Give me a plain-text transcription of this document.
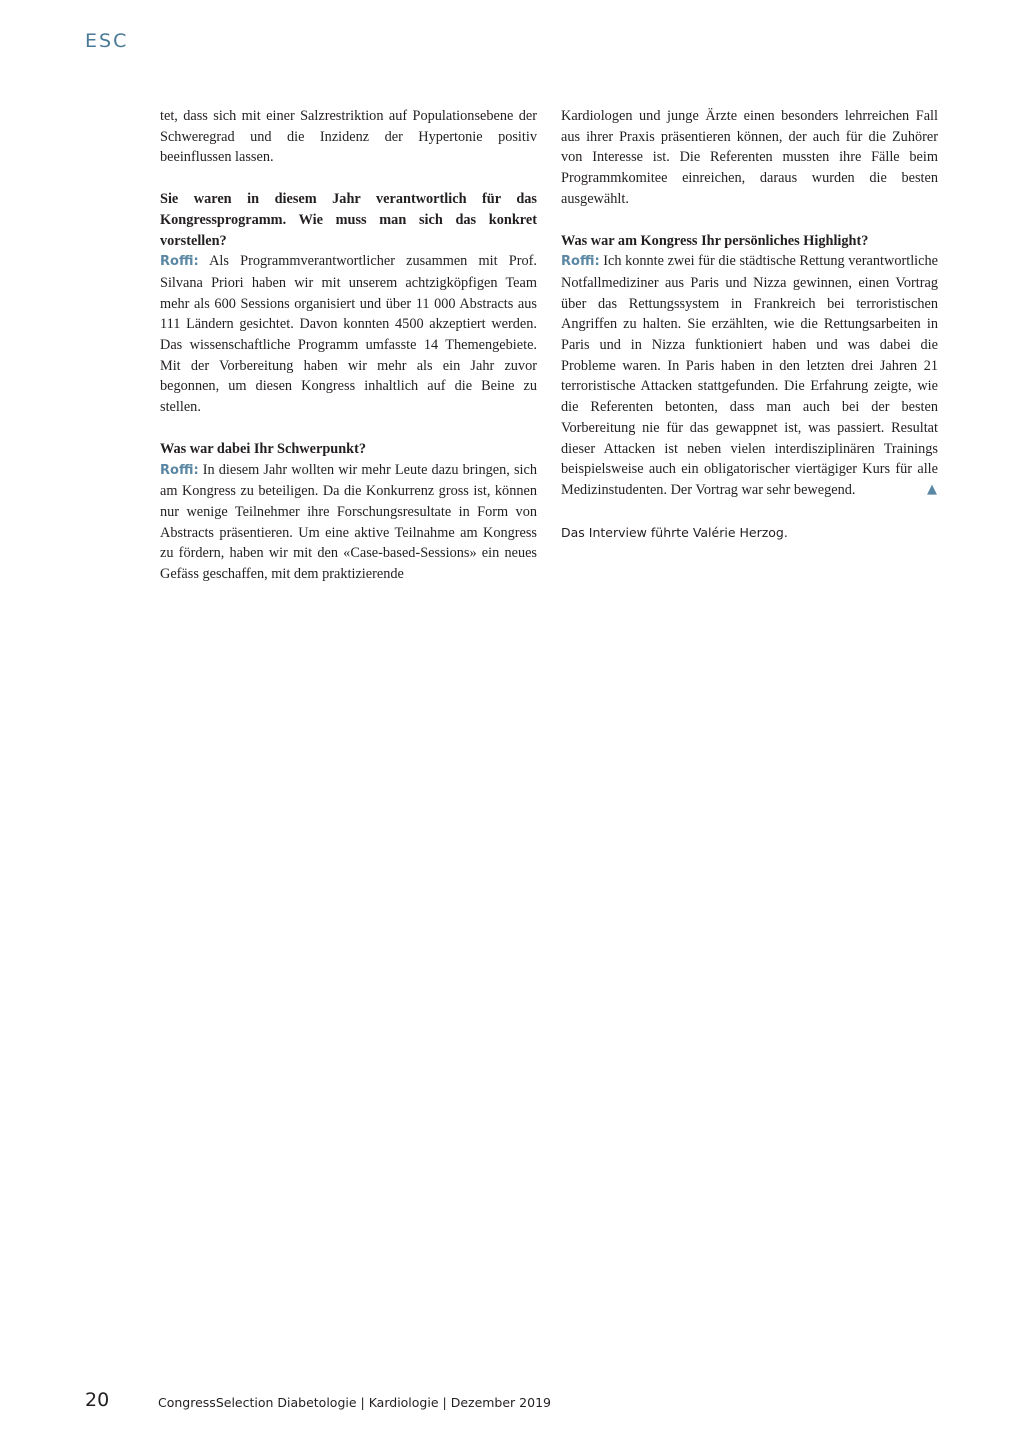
ESC

tet, dass sich mit einer Salzrestriktion auf Populationsebene der Schweregrad und die Inzidenz der Hypertonie positiv beeinflussen lassen.

Sie waren in diesem Jahr verantwortlich für das Kongressprogramm. Wie muss man sich das konkret vorstellen?

Roffi: Als Programmverantwortlicher zusammen mit Prof. Silvana Priori haben wir mit unserem achtzigköpfigen Team mehr als 600 Sessions organisiert und über 11 000 Abstracts aus 111 Ländern gesichtet. Davon konnten 4500 akzeptiert werden. Das wissenschaftliche Programm umfasste 14 Themengebiete. Mit der Vorbereitung haben wir mehr als ein Jahr zuvor begonnen, um diesen Kongress inhaltlich auf die Beine zu stellen.

Was war dabei Ihr Schwerpunkt?

Roffi: In diesem Jahr wollten wir mehr Leute dazu bringen, sich am Kongress zu beteiligen. Da die Konkurrenz gross ist, können nur wenige Teilnehmer ihre Forschungsresultate in Form von Abstracts präsentieren. Um eine aktive Teilnahme am Kongress zu fördern, haben wir mit den «Case-based-Sessions» ein neues Gefäss geschaffen, mit dem praktizierende

Kardiologen und junge Ärzte einen besonders lehrreichen Fall aus ihrer Praxis präsentieren können, der auch für die Zuhörer von Interesse ist. Die Referenten mussten ihre Fälle beim Programmkomitee einreichen, daraus wurden die besten ausgewählt.

Was war am Kongress Ihr persönliches Highlight?

Roffi: Ich konnte zwei für die städtische Rettung verantwortliche Notfallmediziner aus Paris und Nizza gewinnen, einen Vortrag über das Rettungssystem in Frankreich bei terroristischen Angriffen zu halten. Sie erzählten, wie die Rettungsarbeiten in Paris und in Nizza funktioniert haben und was dabei die Probleme waren. In Paris haben in den letzten drei Jahren 21 terroristische Attacken stattgefunden. Die Erfahrung zeigte, wie die Referenten betonten, dass man auch bei der besten Vorbereitung nie für das gewappnet ist, was passiert. Resultat dieser Attacken ist neben vielen interdisziplinären Trainings beispielsweise auch ein obligatorischer viertägiger Kurs für alle Medizinstudenten. Der Vortrag war sehr bewegend.	▲

Das Interview führte Valérie Herzog.

20	CongressSelection Diabetologie | Kardiologie | Dezember 2019
